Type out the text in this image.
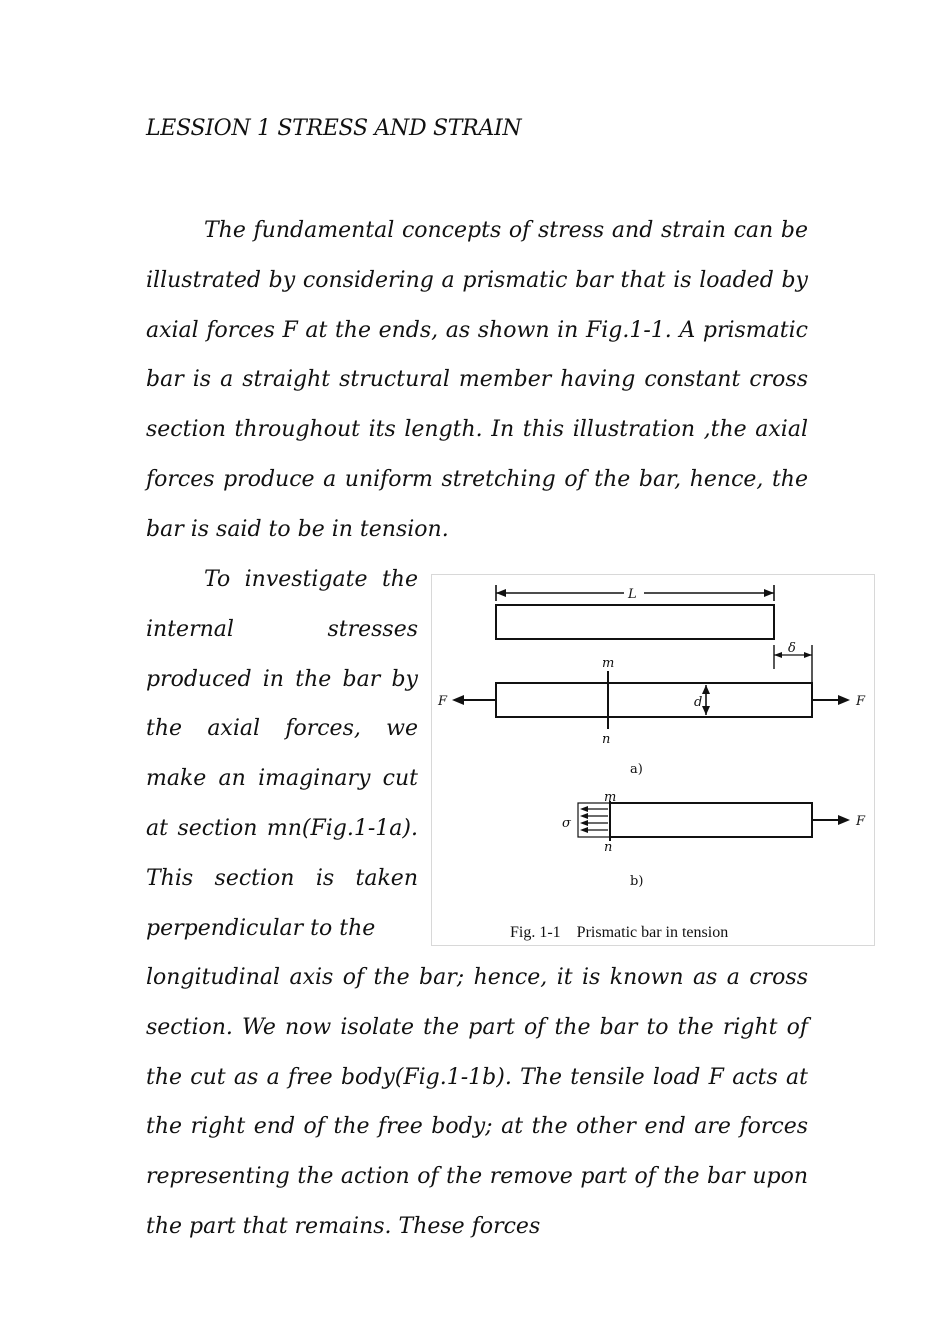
LESSION 1 STRESS AND STRAIN
The fundamental concepts of stress and strain can be illustrated by considering a prismatic bar that is loaded by axial forces F at the ends, as shown in Fig.1-1. A prismatic bar is a straight structural member having constant cross section throughout its length. In this illustration ,the axial forces produce a uniform stretching of the bar, hence, the bar is said to be in tension.
To investigate the internal stresses produced in the bar by the axial forces, we make an imaginary cut at section mn(Fig.1-1a). This section is taken perpendicular to the
L
δ
m
n
d
F	F
a)
m
n
σ	F
b)
Fig. 1-1    Prismatic bar in tension
longitudinal axis of the bar; hence, it is known as a cross section. We now isolate the part of the bar to the right of the cut as a free body(Fig.1-1b). The tensile load F acts at the right end of the free body; at the other end are forces representing the action of the remove part of the bar upon the part that remains. These forces
